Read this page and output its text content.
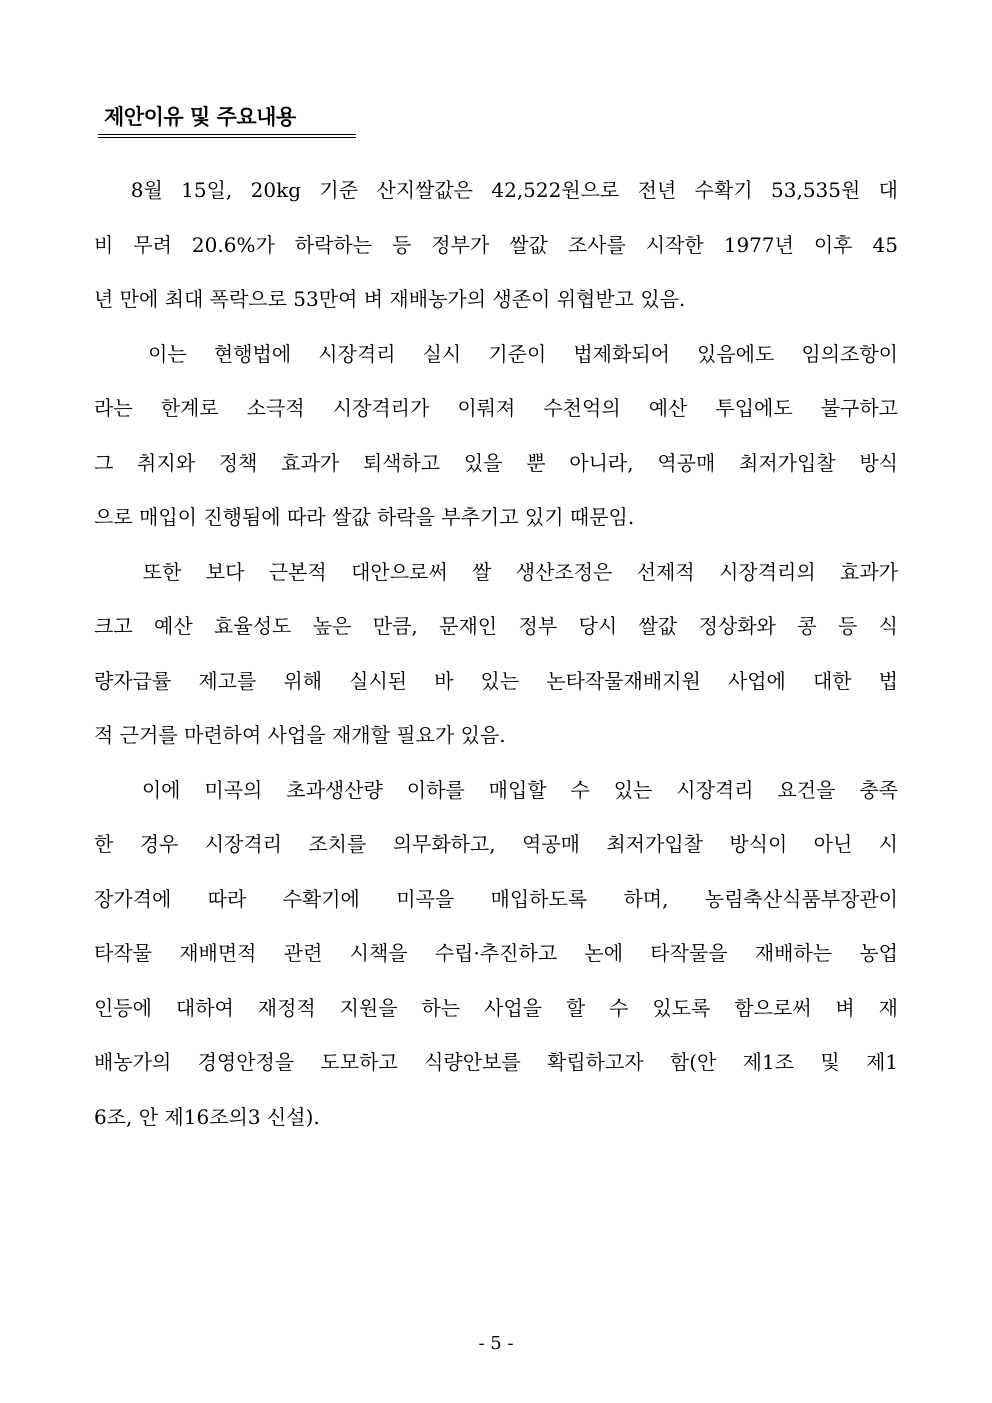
제안이유 및 주요내용
8월 15일, 20kg 기준 산지쌀값은 42,522원으로 전년 수확기 53,535원 대
비 무려 20.6%가 하락하는 등 정부가 쌀값 조사를 시작한 1977년 이후 45
년 만에 최대 폭락으로 53만여 벼 재배농가의 생존이 위협받고 있음.
이는 현행법에 시장격리 실시 기준이 법제화되어 있음에도 임의조항이
라는 한계로 소극적 시장격리가 이뤄져 수천억의 예산 투입에도 불구하고
그 취지와 정책 효과가 퇴색하고 있을 뿐 아니라, 역공매 최저가입찰 방식
으로 매입이 진행됨에 따라 쌀값 하락을 부추기고 있기 때문임.
또한 보다 근본적 대안으로써 쌀 생산조정은 선제적 시장격리의 효과가
크고 예산 효율성도 높은 만큼, 문재인 정부 당시 쌀값 정상화와 콩 등 식
량자급률 제고를 위해 실시된 바 있는 논타작물재배지원 사업에 대한 법
적 근거를 마련하여 사업을 재개할 필요가 있음.
이에 미곡의 초과생산량 이하를 매입할 수 있는 시장격리 요건을 충족
한 경우 시장격리 조치를 의무화하고, 역공매 최저가입찰 방식이 아닌 시
장가격에 따라 수확기에 미곡을 매입하도록 하며, 농림축산식품부장관이
타작물 재배면적 관련 시책을 수립·추진하고 논에 타작물을 재배하는 농업
인등에 대하여 재정적 지원을 하는 사업을 할 수 있도록 함으로써 벼 재
배농가의 경영안정을 도모하고 식량안보를 확립하고자 함(안 제1조 및 제1
6조, 안 제16조의3 신설).
- 5 -
